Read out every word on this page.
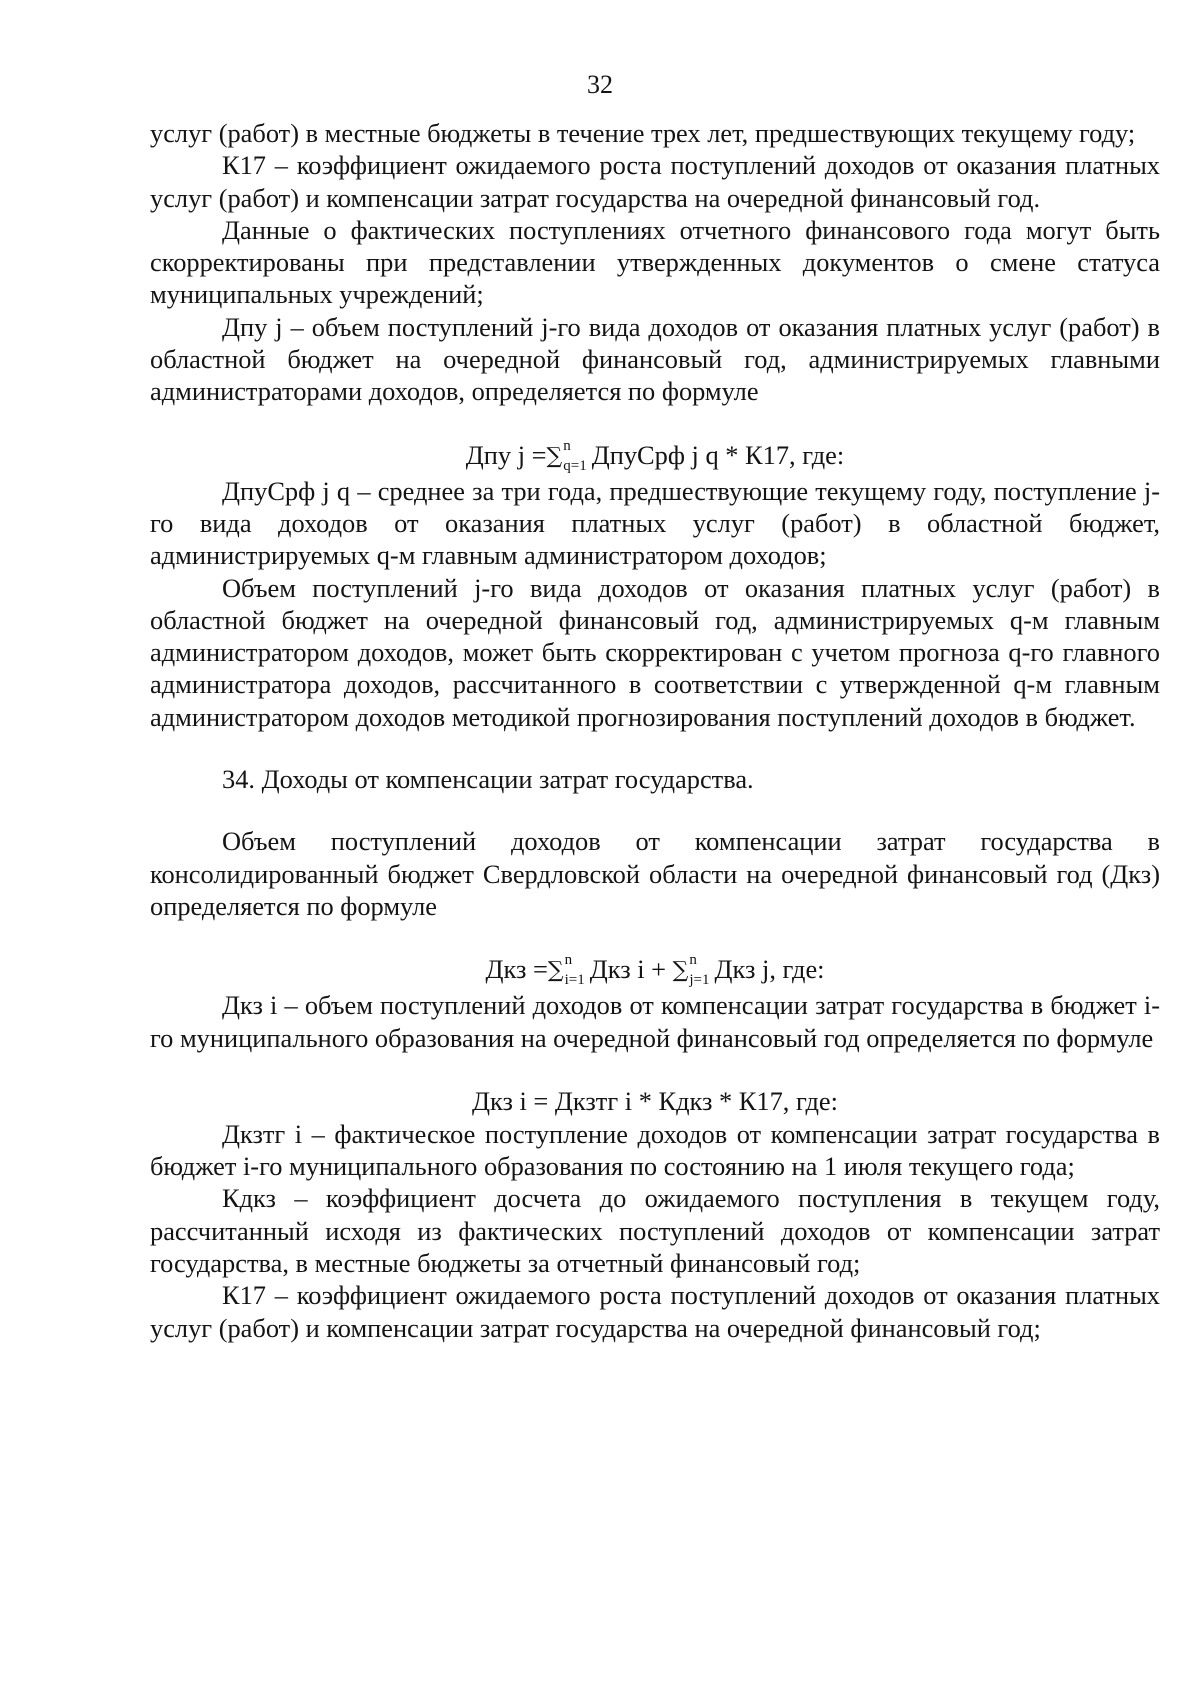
32

услуг (работ) в местные бюджеты в течение трех лет, предшествующих текущему году;

К17 – коэффициент ожидаемого роста поступлений доходов от оказания платных услуг (работ) и компенсации затрат государства на очередной финансовый год.

Данные о фактических поступлениях отчетного финансового года могут быть скорректированы при представлении утвержденных документов о смене статуса муниципальных учреждений;

Дпу j – объем поступлений j-го вида доходов от оказания платных услуг (работ) в областной бюджет на очередной финансовый год, администрируемых главными администраторами доходов, определяется по формуле

Дпу j =∑ n
q=1 ДпуСрф j q * К17, где:

ДпуСрф j q – среднее за три года, предшествующие текущему году, поступление j-го вида доходов от оказания платных услуг (работ) в областной бюджет, администрируемых q-м главным администратором доходов;

Объем поступлений j-го вида доходов от оказания платных услуг (работ) в областной бюджет на очередной финансовый год, администрируемых q-м главным администратором доходов, может быть скорректирован с учетом прогноза q-го главного администратора доходов, рассчитанного в соответствии с утвержденной q-м главным администратором доходов методикой прогнозирования поступлений доходов в бюджет.

34. Доходы от компенсации затрат государства.

Объем поступлений доходов от компенсации затрат государства в консолидированный бюджет Свердловской области на очередной финансовый год (Дкз) определяется по формуле

Дкз =∑ n
i=1 Дкз i + ∑ n
j=1 Дкз j, где:

Дкз i – объем поступлений доходов от компенсации затрат государства в бюджет i-го муниципального образования на очередной финансовый год определяется по формуле

Дкз i = Дкзтг i * Кдкз * К17, где:

Дкзтг i – фактическое поступление доходов от компенсации затрат государства в бюджет i-го муниципального образования по состоянию на 1 июля текущего года;

Кдкз – коэффициент досчета до ожидаемого поступления в текущем году, рассчитанный исходя из фактических поступлений доходов от компенсации затрат государства, в местные бюджеты за отчетный финансовый год;

К17 – коэффициент ожидаемого роста поступлений доходов от оказания платных услуг (работ) и компенсации затрат государства на очередной финансовый год;
